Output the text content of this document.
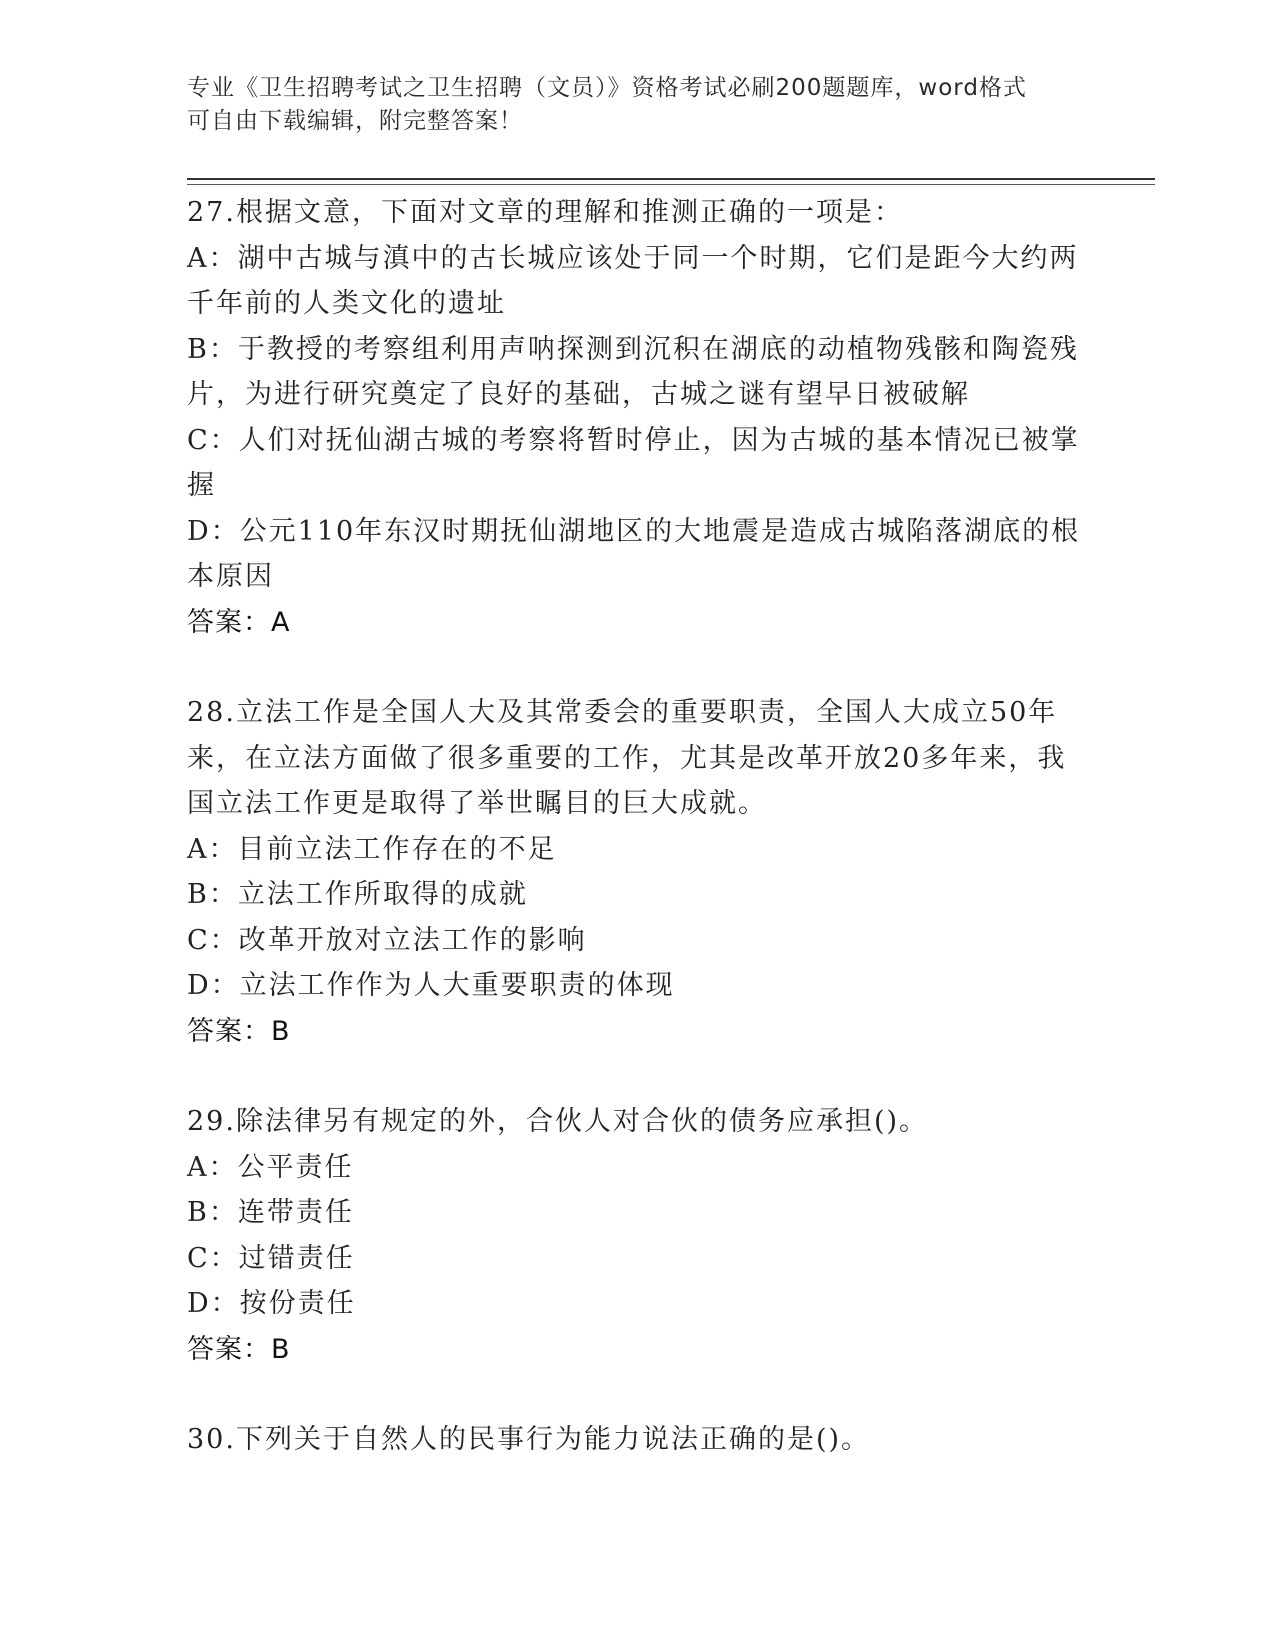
专业《卫生招聘考试之卫生招聘（文员）》资格考试必刷200题题库，word格式
可自由下载编辑，附完整答案！
27.根据文意，下面对文章的理解和推测正确的一项是：
A：湖中古城与滇中的古长城应该处于同一个时期，它们是距今大约两
千年前的人类文化的遗址
B：于教授的考察组利用声呐探测到沉积在湖底的动植物残骸和陶瓷残
片，为进行研究奠定了良好的基础，古城之谜有望早日被破解
C：人们对抚仙湖古城的考察将暂时停止，因为古城的基本情况已被掌
握
D：公元110年东汉时期抚仙湖地区的大地震是造成古城陷落湖底的根
本原因
答案：A
28.立法工作是全国人大及其常委会的重要职责，全国人大成立50年
来，在立法方面做了很多重要的工作，尤其是改革开放20多年来，我
国立法工作更是取得了举世瞩目的巨大成就。
A：目前立法工作存在的不足
B：立法工作所取得的成就
C：改革开放对立法工作的影响
D：立法工作作为人大重要职责的体现
答案：B
29.除法律另有规定的外，合伙人对合伙的债务应承担()。
A：公平责任
B：连带责任
C：过错责任
D：按份责任
答案：B
30.下列关于自然人的民事行为能力说法正确的是()。
